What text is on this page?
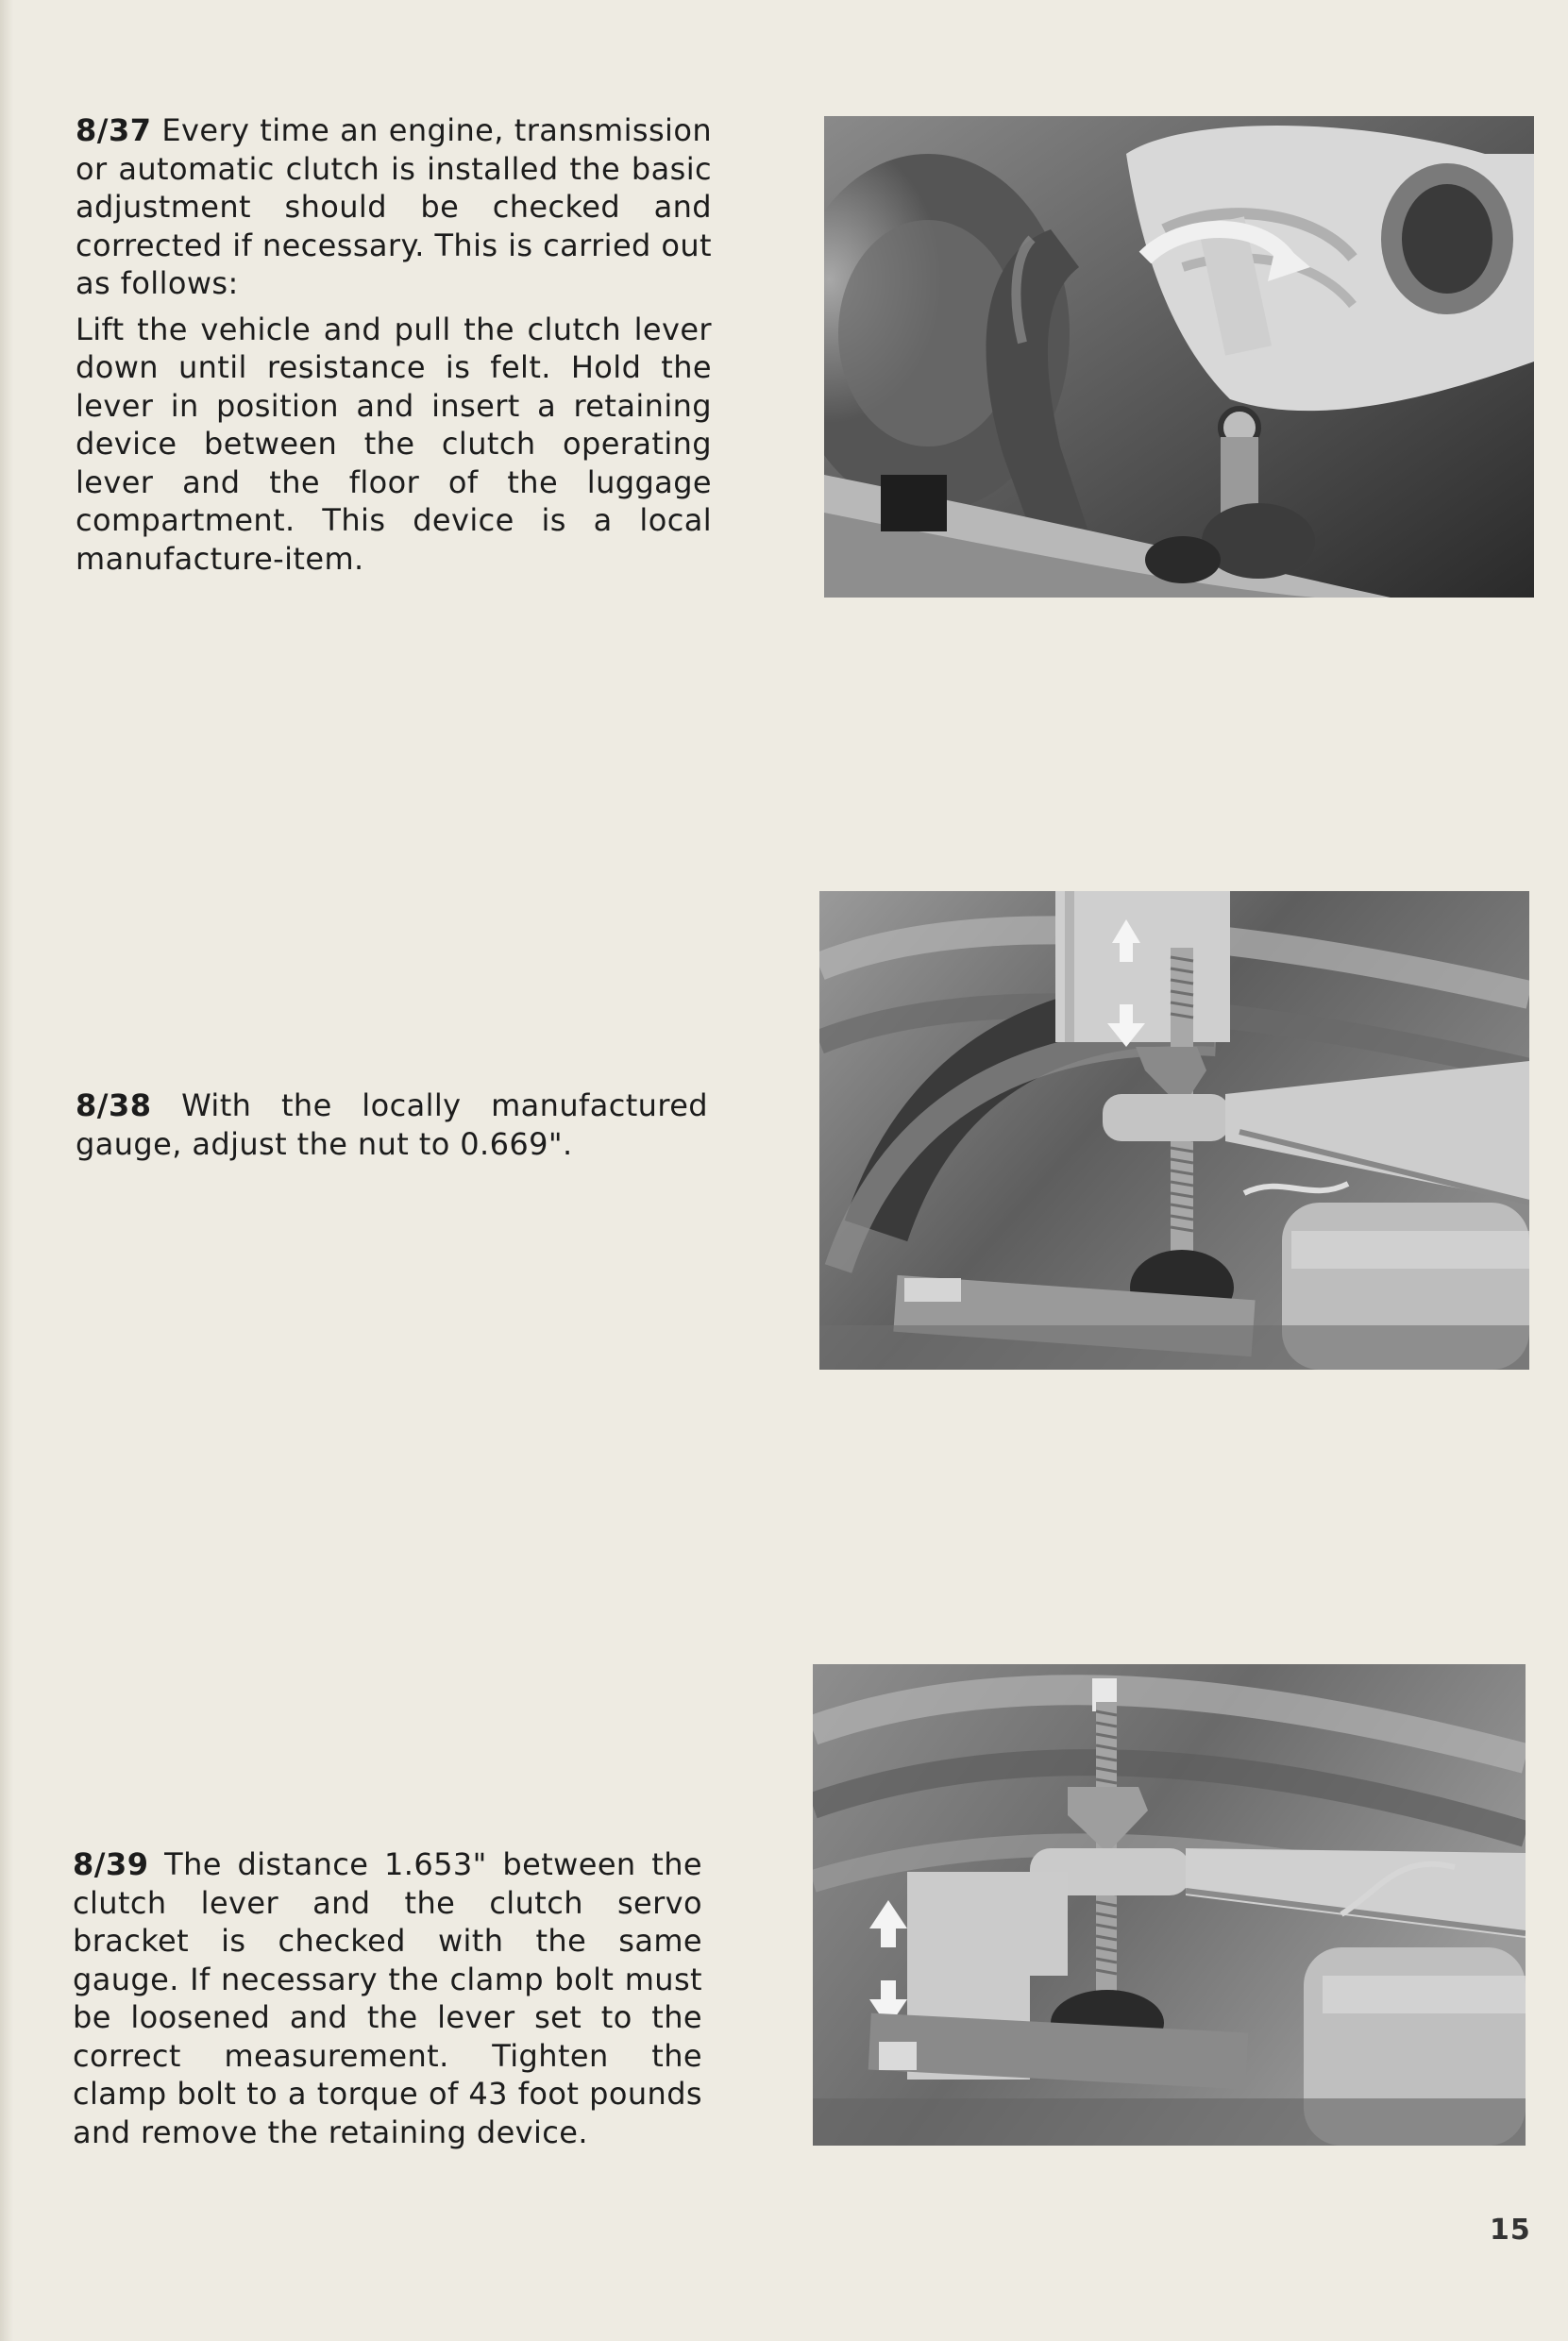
8/37 Every time an engine, transmission or automatic clutch is installed the basic adjustment should be checked and corrected if necessary. This is carried out as follows:

Lift the vehicle and pull the clutch lever down until resistance is felt. Hold the lever in position and insert a retaining device between the clutch operating lever and the floor of the luggage compartment. This device is a local manufacture-item.

8/38 With the locally manufactured gauge, adjust the nut to 0.669".

8/39 The distance 1.653" between the clutch lever and the clutch servo bracket is checked with the same gauge. If necessary the clamp bolt must be loosened and the lever set to the correct measurement. Tighten the clamp bolt to a torque of 43 foot pounds and remove the retaining device.

15
